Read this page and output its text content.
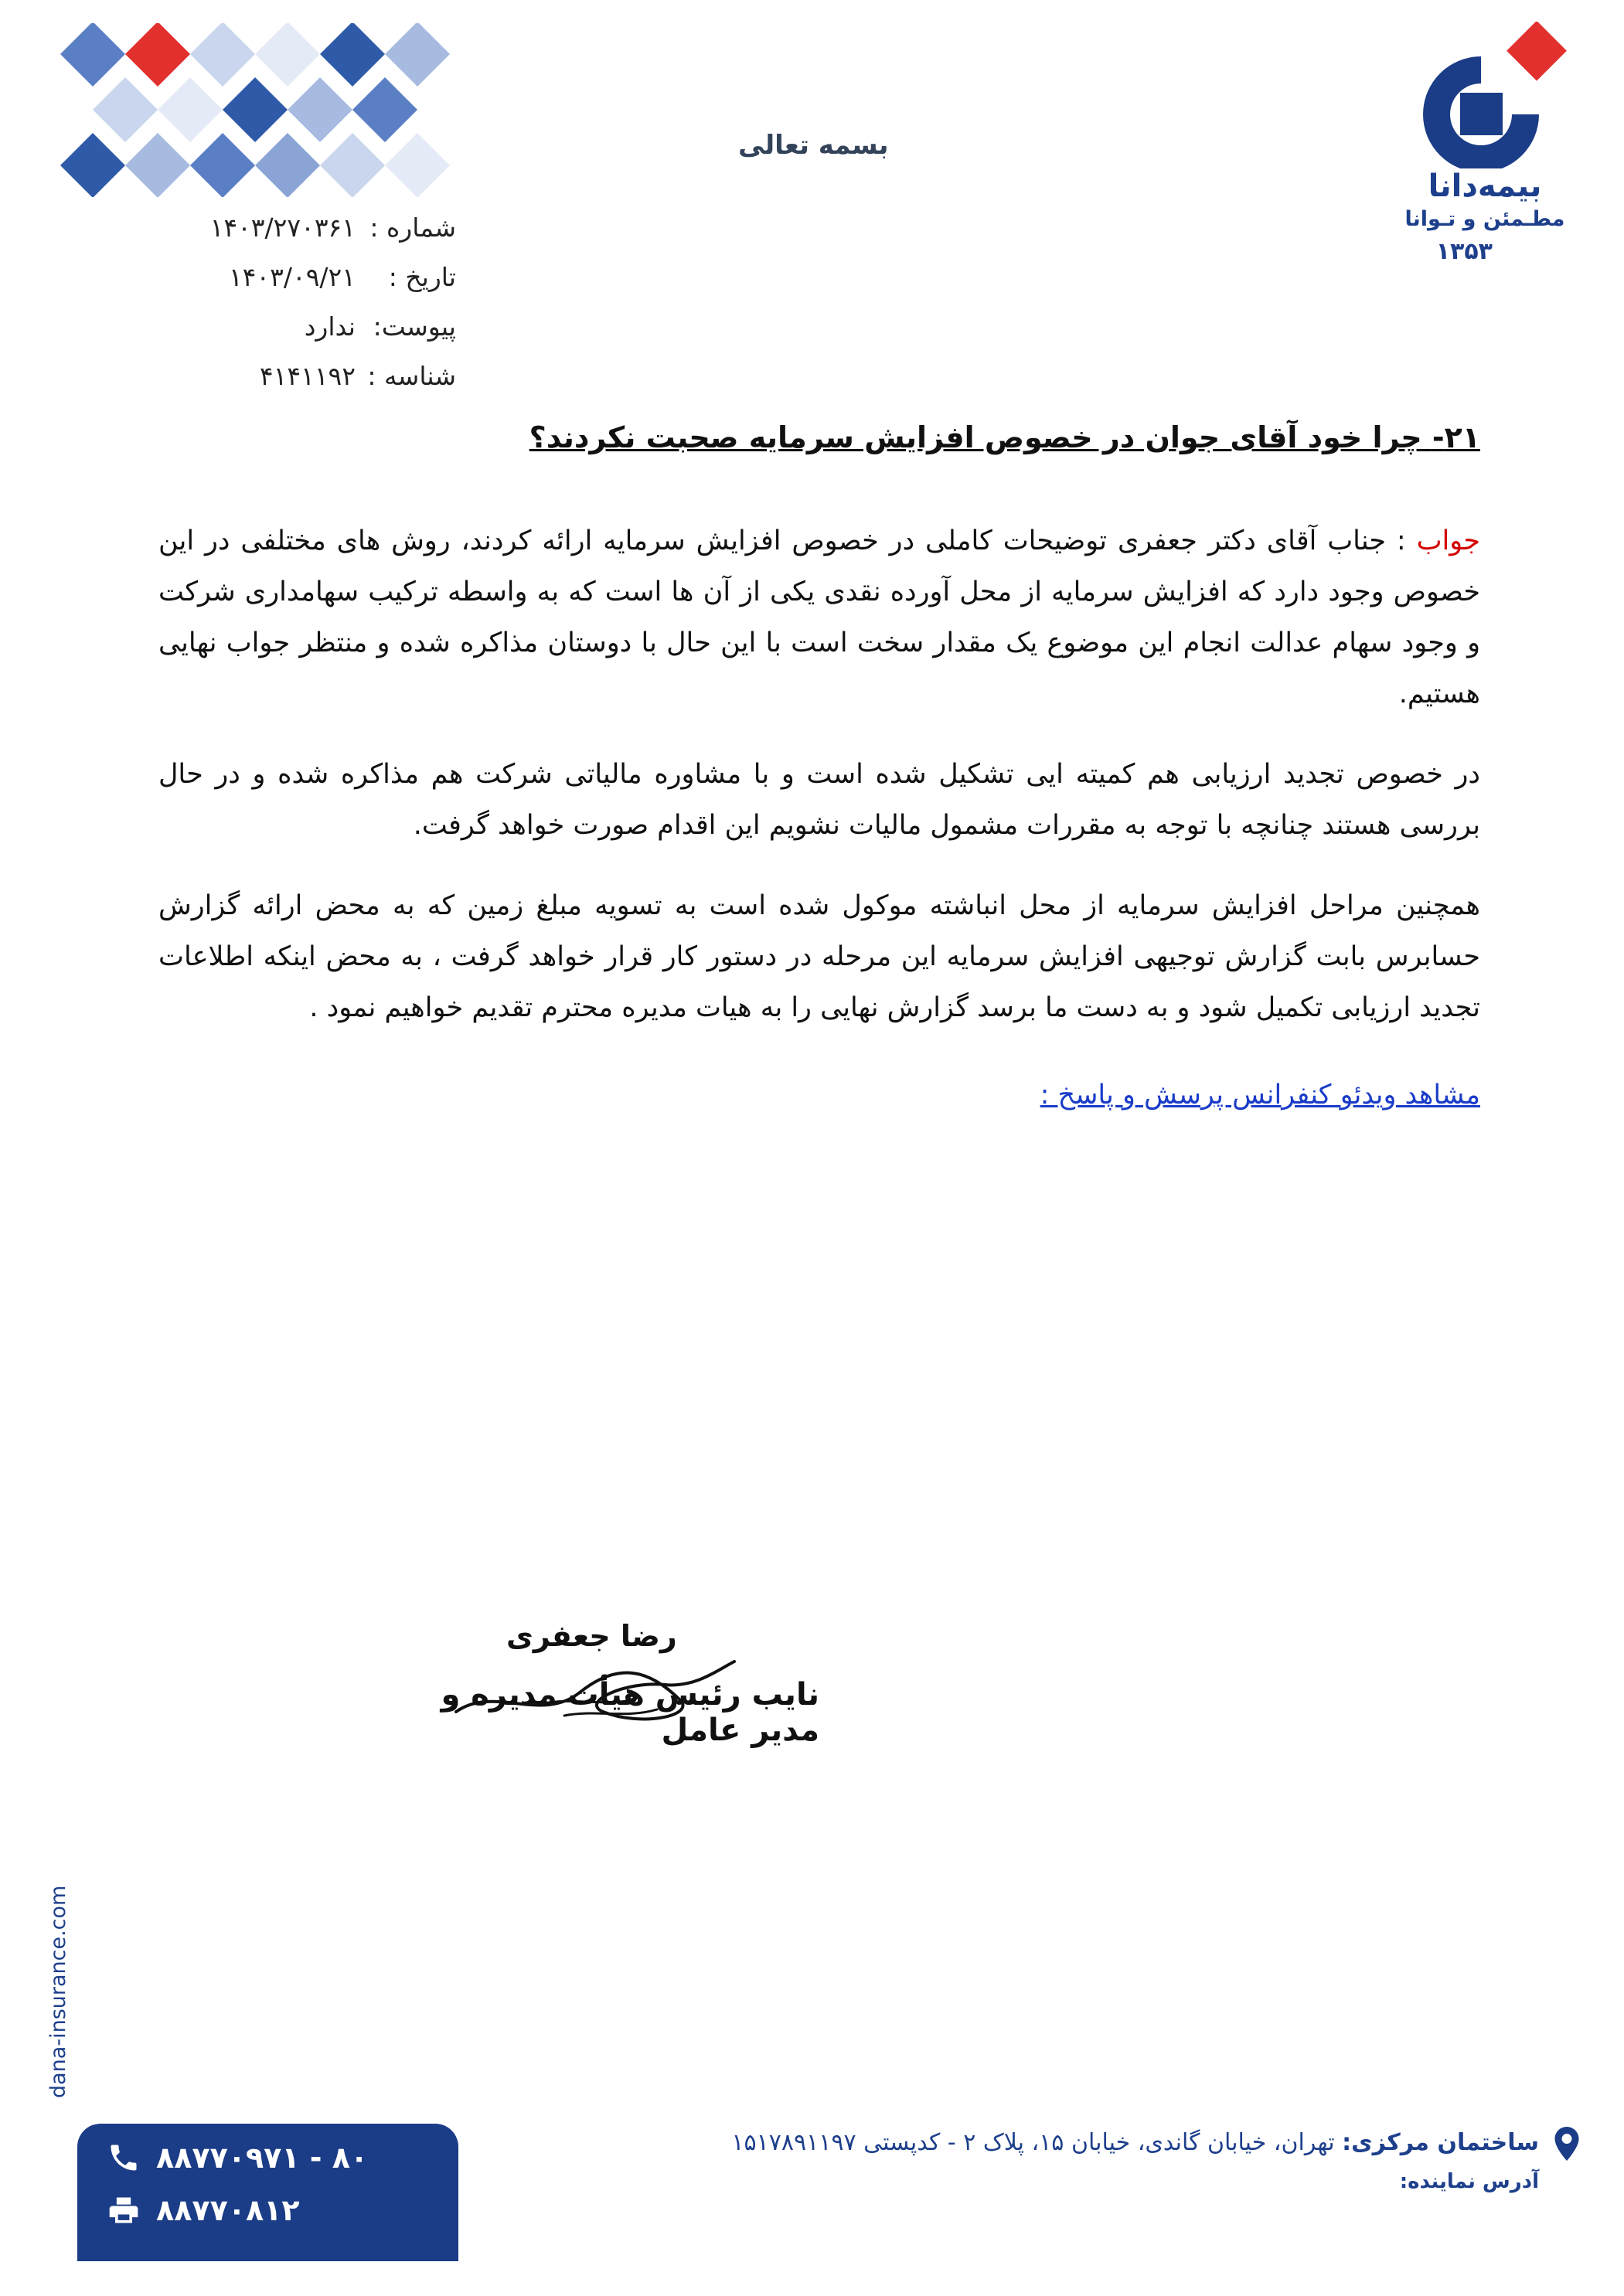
بیمه‌دانا
مطـمئن و تـوانا
۱۳۵۳
بسمه تعالی
شماره :
۱۴۰۳/۲۷۰۳۶۱
تاریخ :
۱۴۰۳/۰۹/۲۱
پیوست:
ندارد
شناسه :
۴۱۴۱۱۹۲
۲۱- چرا خود آقای جوان در خصوص افزایش سرمایه صحبت نکردند؟

جواب : جناب آقای دکتر جعفری توضیحات کاملی در خصوص افزایش سرمایه ارائه کردند، روش های مختلفی در این خصوص وجود دارد که افزایش سرمایه از محل آورده نقدی یکی از آن ها است که به واسطه ترکیب سهامداری شرکت و وجود سهام عدالت انجام این موضوع یک مقدار سخت است با این حال با دوستان مذاکره شده و منتظر جواب نهایی هستیم.

در خصوص تجدید ارزیابی هم کمیته ایی تشکیل شده است و با مشاوره مالیاتی شرکت هم مذاکره شده و در حال بررسی هستند چنانچه با توجه به مقررات مشمول مالیات نشویم این اقدام صورت خواهد گرفت.

همچنین مراحل افزایش سرمایه از محل انباشته موکول شده است به تسویه مبلغ زمین که به محض ارائه گزارش حسابرس بابت گزارش توجیهی افزایش سرمایه این مرحله در دستور کار قرار خواهد گرفت ، به محض اینکه اطلاعات تجدید ارزیابی تکمیل شود و به دست ما برسد گزارش نهایی را به هیات مدیره محترم تقدیم خواهیم نمود .

مشاهد ویدئو کنفرانس پرسش و پاسخ :
رضا جعفری
نایب رئیس هیأت مدیره و مدیر عامل
dana-insurance.com
۸۸۷۷۰۹۷۱ - ۸۰
۸۸۷۷۰۸۱۲
ساختمان مرکزی: تهران، خیابان گاندی، خیابان ۱۵، پلاک ۲ - کدپستی ۱۵۱۷۸۹۱۱۹۷
آدرس نماینده:
